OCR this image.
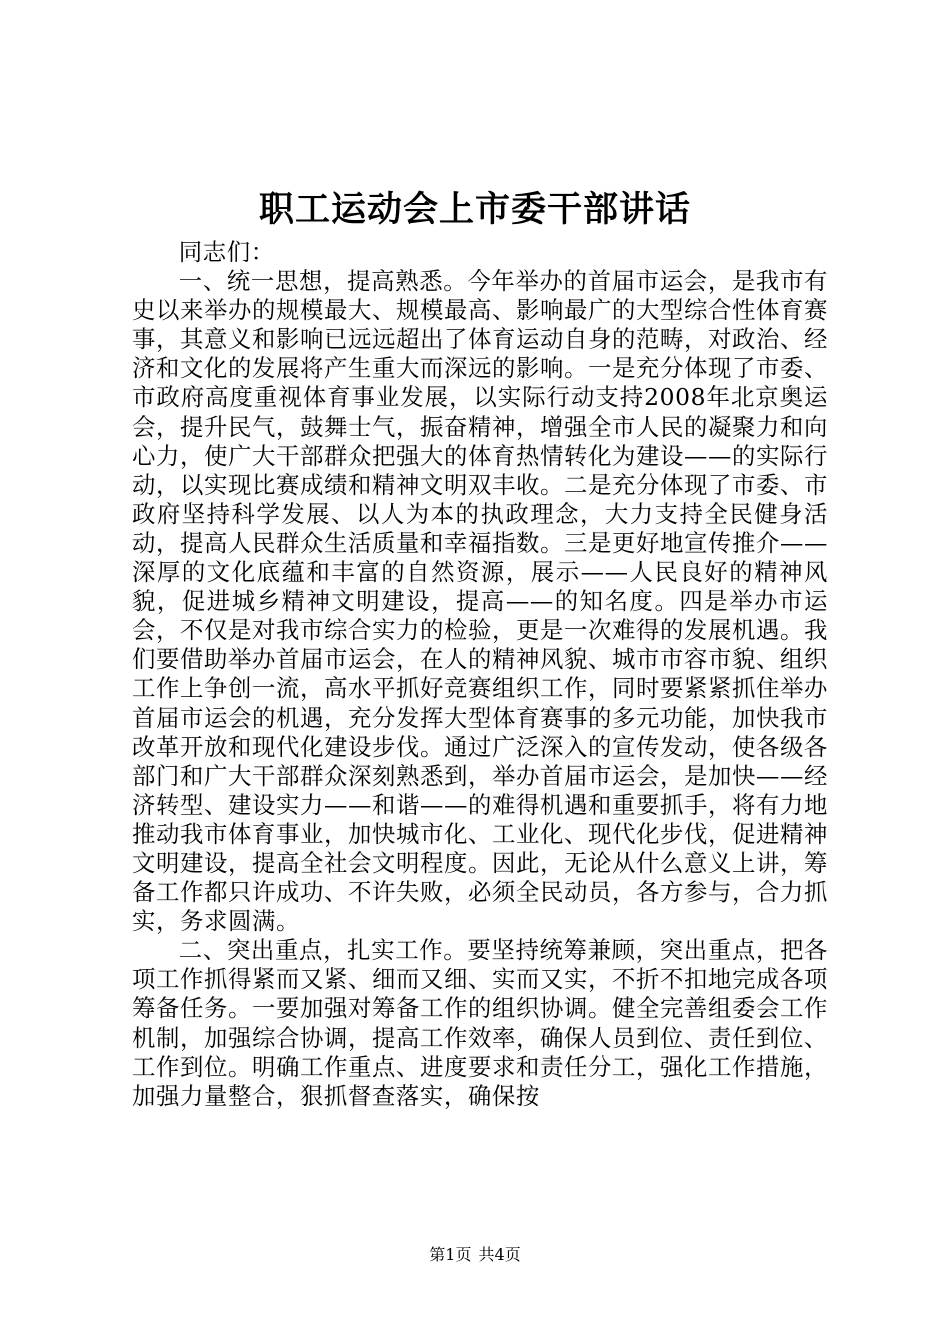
职工运动会上市委干部讲话

同志们：

一、统一思想，提高熟悉。今年举办的首届市运会，是我市有史以来举办的规模最大、规模最高、影响最广的大型综合性体育赛事，其意义和影响已远远超出了体育运动自身的范畴，对政治、经济和文化的发展将产生重大而深远的影响。一是充分体现了市委、市政府高度重视体育事业发展，以实际行动支持2008年北京奥运会，提升民气，鼓舞士气，振奋精神，增强全市人民的凝聚力和向心力，使广大干部群众把强大的体育热情转化为建设——的实际行动，以实现比赛成绩和精神文明双丰收。二是充分体现了市委、市政府坚持科学发展、以人为本的执政理念，大力支持全民健身活动，提高人民群众生活质量和幸福指数。三是更好地宣传推介——深厚的文化底蕴和丰富的自然资源，展示——人民良好的精神风貌，促进城乡精神文明建设，提高——的知名度。四是举办市运会，不仅是对我市综合实力的检验，更是一次难得的发展机遇。我们要借助举办首届市运会，在人的精神风貌、城市市容市貌、组织工作上争创一流，高水平抓好竞赛组织工作，同时要紧紧抓住举办首届市运会的机遇，充分发挥大型体育赛事的多元功能，加快我市改革开放和现代化建设步伐。通过广泛深入的宣传发动，使各级各部门和广大干部群众深刻熟悉到，举办首届市运会，是加快——经济转型、建设实力——和谐——的难得机遇和重要抓手，将有力地推动我市体育事业，加快城市化、工业化、现代化步伐，促进精神文明建设，提高全社会文明程度。因此，无论从什么意义上讲，筹备工作都只许成功、不许失败，必须全民动员，各方参与，合力抓实，务求圆满。

二、突出重点，扎实工作。要坚持统筹兼顾，突出重点，把各项工作抓得紧而又紧、细而又细、实而又实，不折不扣地完成各项筹备任务。一要加强对筹备工作的组织协调。健全完善组委会工作机制，加强综合协调，提高工作效率，确保人员到位、责任到位、工作到位。明确工作重点、进度要求和责任分工，强化工作措施，加强力量整合，狠抓督查落实，确保按

第1页 共4页
